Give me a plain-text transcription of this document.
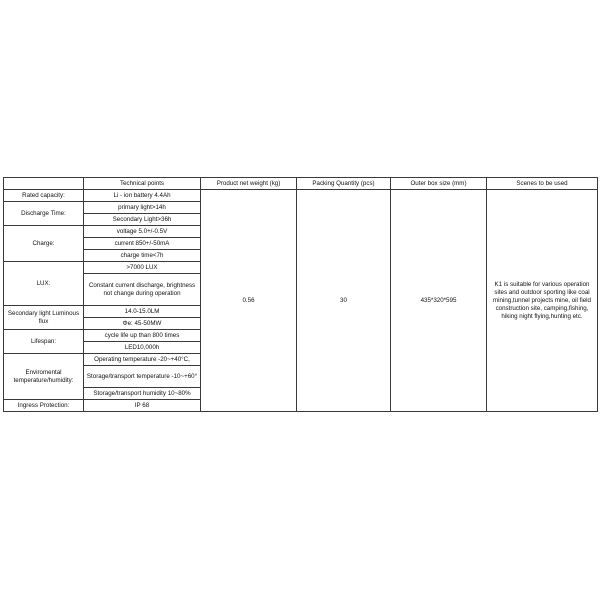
	Technical points	Product net weight (kg)	Packing Quantity (pcs)	Outer box size (mm)	Scenes to be used
Rated capacity:	Li - ion battery 4.4Ah	0.56	30	435*320*595	K1 is suitable for various operation sites and outdoor sporting like coal mining,tunnel projects mine, oil field construction site, camping,fishing, hiking night flying,hunting etc.
Discharge Time:	primary light>14h				
	Secondary Light>36h				
Charge:	voltage 5.0+/-0.5V				
	current 850+/-50mA				
	charge time<7h				
LUX:	>7000 LUX				
	Constant current discharge, brightness not change during operation				
Secondary light Luminous flux	14.0-15.0LM				
	Φe: 45-50MW				
Lifespan:	cycle life up than 800 times				
	LED10,000h				
Enviromental temperature/humidity:	Operating temperature -20~+40°C,				
	Storage/transport temperature -10~+60°				
	Storage/transport humidity 10~80%				
Ingress Protection:	IP 68				
